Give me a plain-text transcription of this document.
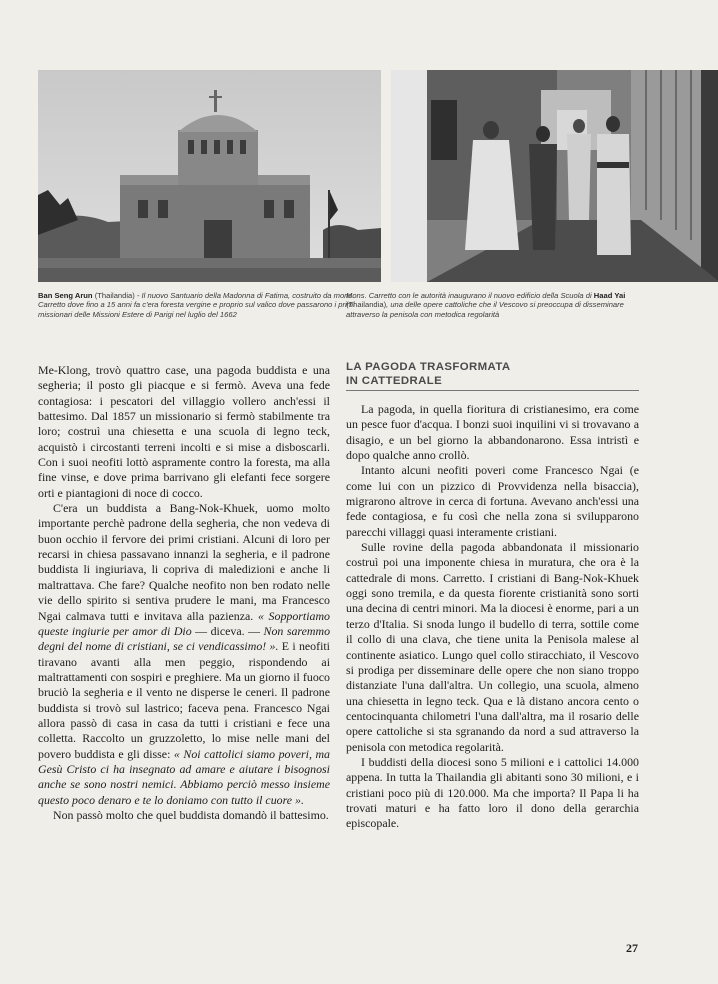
Ban Seng Arun (Thailandia) - Il nuovo Santuario della Madonna di Fatima, costruito da mons. Carretto dove fino a 15 anni fa c'era foresta vergine e proprio sul valico dove passarono i primi missionari delle Missioni Estere di Parigi nel luglio del 1662
Mons. Carretto con le autorità inaugurano il nuovo edificio della Scuola di Haad Yai (Thailandia), una delle opere cattoliche che il Vescovo si preoccupa di disseminare attraverso la penisola con metodica regolarità

Me-Klong, trovò quattro case, una pagoda buddista e una segheria; il posto gli piacque e si fermò. Aveva una fede contagiosa: i pescatori del villaggio vollero anch'essi il battesimo. Dal 1857 un missionario si fermò stabilmente tra loro; costruì una chiesetta e una scuola di legno teck, acquistò i circostanti terreni incolti e si mise a disboscarli. Con i suoi neofiti lottò aspramente contro la foresta, ma alla fine vinse, e dove prima barrivano gli elefanti fece sorgere orti e piantagioni di noce di cocco.

C'era un buddista a Bang-Nok-Khuek, uomo molto importante perchè padrone della segheria, che non vedeva di buon occhio il fervore dei primi cristiani. Alcuni di loro per recarsi in chiesa passavano innanzi la segheria, e il padrone buddista li ingiuriava, li copriva di maledizioni e anche li maltrattava. Che fare? Qualche neofito non ben rodato nelle vie dello spirito si sentiva prudere le mani, ma Francesco Ngai calmava tutti e invitava alla pazienza. « Sopportiamo queste ingiurie per amor di Dio — diceva. — Non saremmo degni del nome di cristiani, se ci vendicassimo! ». E i neofiti tiravano avanti alla men peggio, rispondendo ai maltrattamenti con sospiri e preghiere. Ma un giorno il fuoco bruciò la segheria e il vento ne disperse le ceneri. Il padrone buddista si trovò sul lastrico; faceva pena. Francesco Ngai allora passò di casa in casa da tutti i cristiani e fece una colletta. Raccolto un gruzzoletto, lo mise nelle mani del povero buddista e gli disse: « Noi cattolici siamo poveri, ma Gesù Cristo ci ha insegnato ad amare e aiutare i bisognosi anche se sono nostri nemici. Abbiamo perciò messo insieme questo poco denaro e te lo doniamo con tutto il cuore ».

Non passò molto che quel buddista domandò il battesimo.

LA PAGODA TRASFORMATA
IN CATTEDRALE

La pagoda, in quella fioritura di cristianesimo, era come un pesce fuor d'acqua. I bonzi suoi inquilini vi si trovavano a disagio, e un bel giorno la abbandonarono. Essa intristì e dopo qualche anno crollò.

Intanto alcuni neofiti poveri come Francesco Ngai (e come lui con un pizzico di Provvidenza nella bisaccia), migrarono altrove in cerca di fortuna. Avevano anch'essi una fede contagiosa, e fu così che nella zona si svilupparono parecchi villaggi quasi interamente cristiani.

Sulle rovine della pagoda abbandonata il missionario costruì poi una imponente chiesa in muratura, che ora è la cattedrale di mons. Carretto. I cristiani di Bang-Nok-Khuek oggi sono tremila, e da questa fiorente cristianità sono sorti una decina di centri minori. Ma la diocesi è enorme, pari a un terzo d'Italia. Si snoda lungo il budello di terra, sottile come il collo di una clava, che tiene unita la Penisola malese al continente asiatico. Lungo quel collo stiracchiato, il Vescovo si prodiga per disseminare delle opere che non siano troppo distanziate l'una dall'altra. Un collegio, una scuola, almeno una chiesetta in legno teck. Qua e là distano ancora cento o centocinquanta chilometri l'una dall'altra, ma il rosario delle opere cattoliche si sta sgranando da nord a sud attraverso la penisola con metodica regolarità.

I buddisti della diocesi sono 5 milioni e i cattolici 14.000 appena. In tutta la Thailandia gli abitanti sono 30 milioni, e i cristiani poco più di 120.000. Ma che importa? Il Papa li ha trovati maturi e ha fatto loro il dono della gerarchia episcopale.

27
